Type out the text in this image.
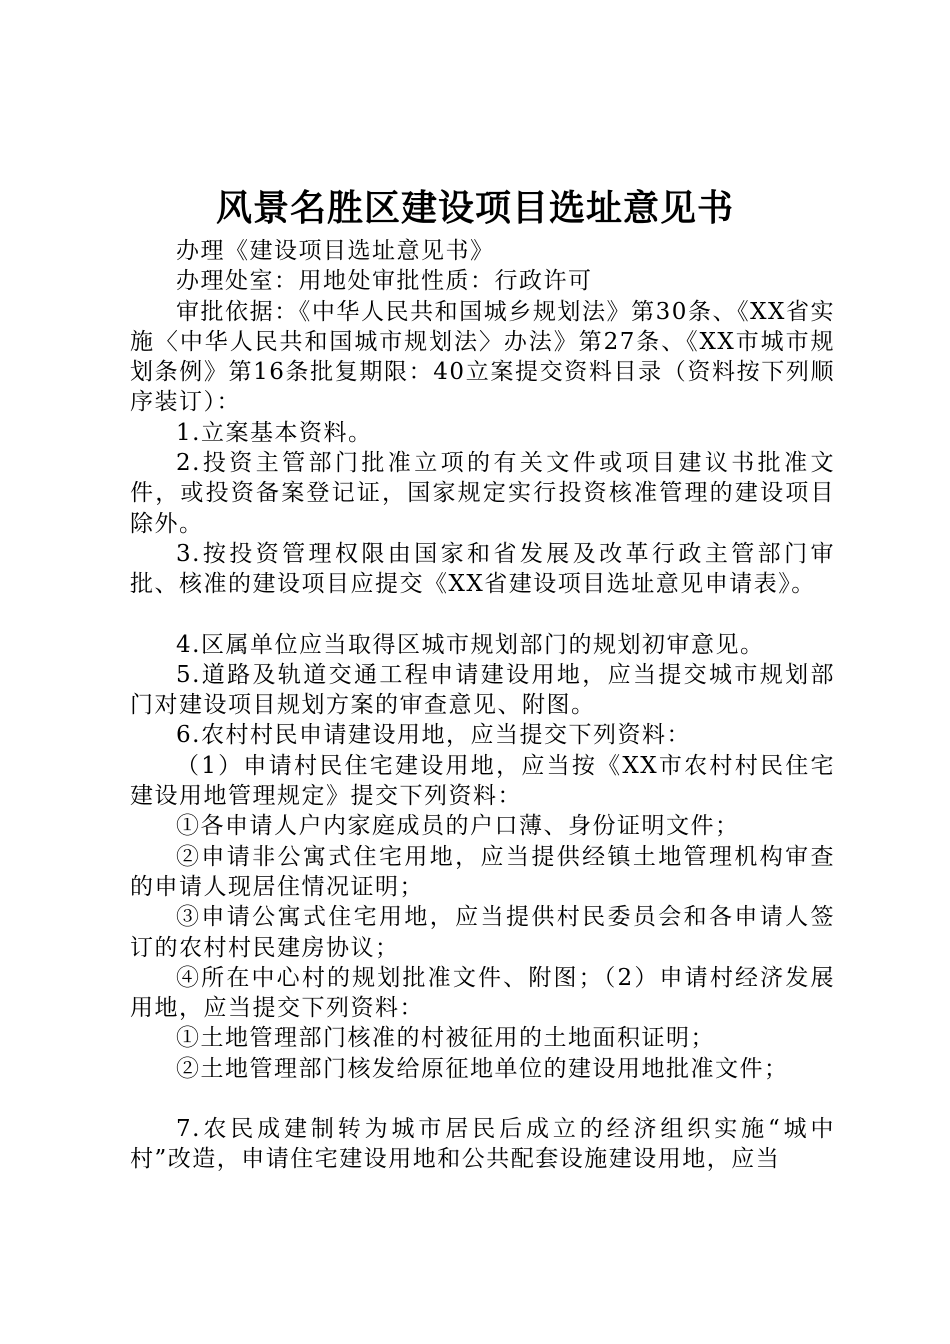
风景名胜区建设项目选址意见书

办理《建设项目选址意见书》

办理处室：用地处审批性质：行政许可

审批依据：《中华人民共和国城乡规划法》第30条、《XX省实施〈中华人民共和国城市规划法〉办法》第27条、《XX市城市规划条例》第16条批复期限：40立案提交资料目录（资料按下列顺序装订）：

1.立案基本资料。

2.投资主管部门批准立项的有关文件或项目建议书批准文件，或投资备案登记证，国家规定实行投资核准管理的建设项目除外。

3.按投资管理权限由国家和省发展及改革行政主管部门审批、核准的建设项目应提交《XX省建设项目选址意见申请表》。

4.区属单位应当取得区城市规划部门的规划初审意见。

5.道路及轨道交通工程申请建设用地，应当提交城市规划部门对建设项目规划方案的审查意见、附图。

6.农村村民申请建设用地，应当提交下列资料：

（1）申请村民住宅建设用地，应当按《XX市农村村民住宅建设用地管理规定》提交下列资料：

①各申请人户内家庭成员的户口薄、身份证明文件；

②申请非公寓式住宅用地，应当提供经镇土地管理机构审查的申请人现居住情况证明；

③申请公寓式住宅用地，应当提供村民委员会和各申请人签订的农村村民建房协议；

④所在中心村的规划批准文件、附图；（2）申请村经济发展用地，应当提交下列资料：

①土地管理部门核准的村被征用的土地面积证明；

②土地管理部门核发给原征地单位的建设用地批准文件；

7.农民成建制转为城市居民后成立的经济组织实施“城中村”改造，申请住宅建设用地和公共配套设施建设用地，应当
